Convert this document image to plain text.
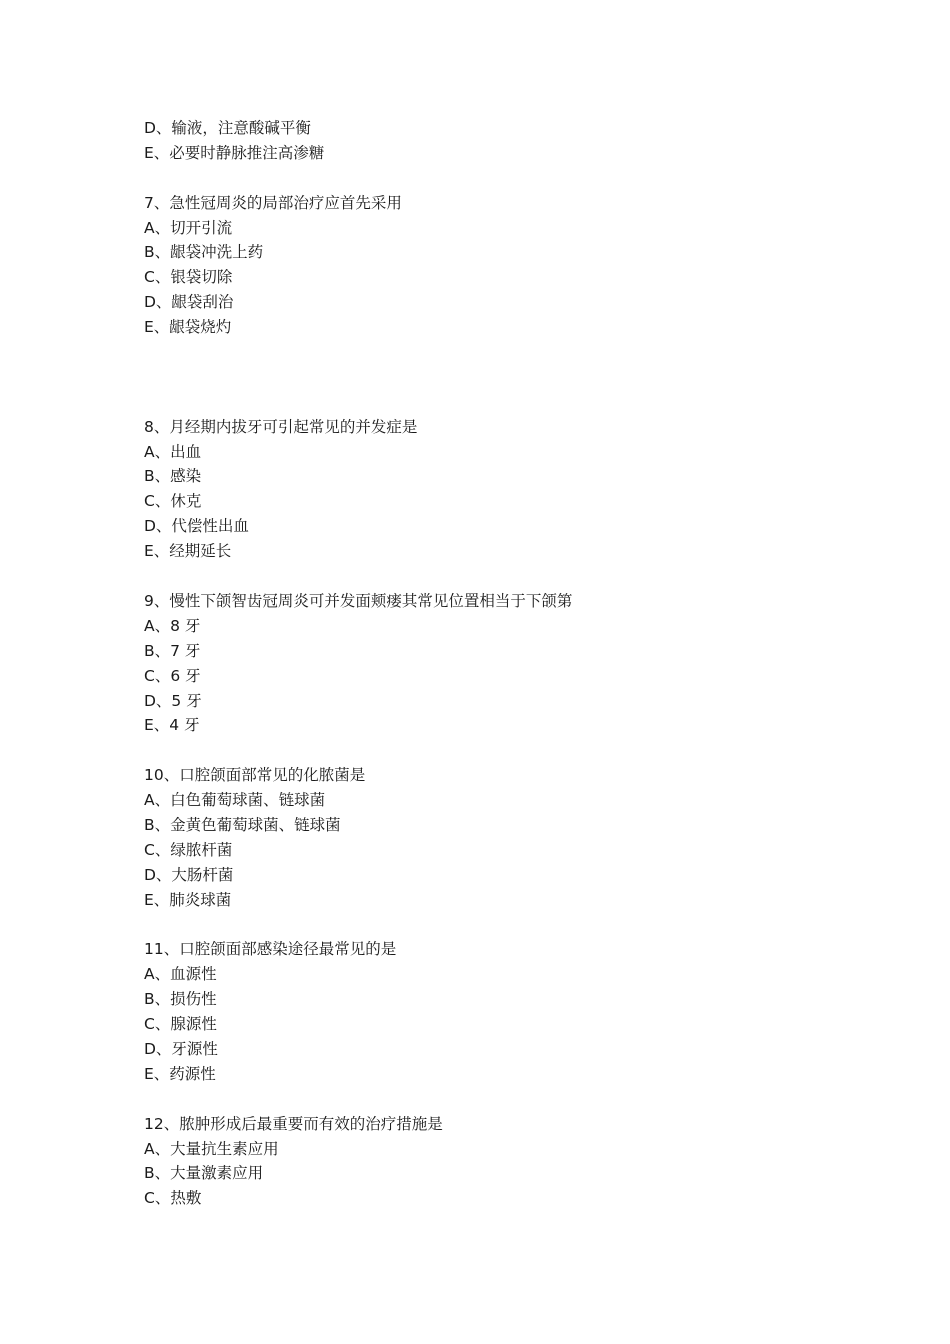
D、输液，注意酸碱平衡

E、必要时静脉推注高渗糖

7、急性冠周炎的局部治疗应首先采用

A、切开引流

B、龈袋冲洗上药

C、银袋切除

D、龈袋刮治

E、龈袋烧灼

8、月经期内拔牙可引起常见的并发症是

A、出血

B、感染

C、休克

D、代偿性出血

E、经期延长

9、慢性下颌智齿冠周炎可并发面颊瘘其常见位置相当于下颌第

A、8 牙

B、7 牙

C、6 牙

D、5 牙

E、4 牙

10、口腔颌面部常见的化脓菌是

A、白色葡萄球菌、链球菌

B、金黄色葡萄球菌、链球菌

C、绿脓杆菌

D、大肠杆菌

E、肺炎球菌

11、口腔颌面部感染途径最常见的是

A、血源性

B、损伤性

C、腺源性

D、牙源性

E、药源性

12、脓肿形成后最重要而有效的治疗措施是

A、大量抗生素应用

B、大量激素应用

C、热敷
